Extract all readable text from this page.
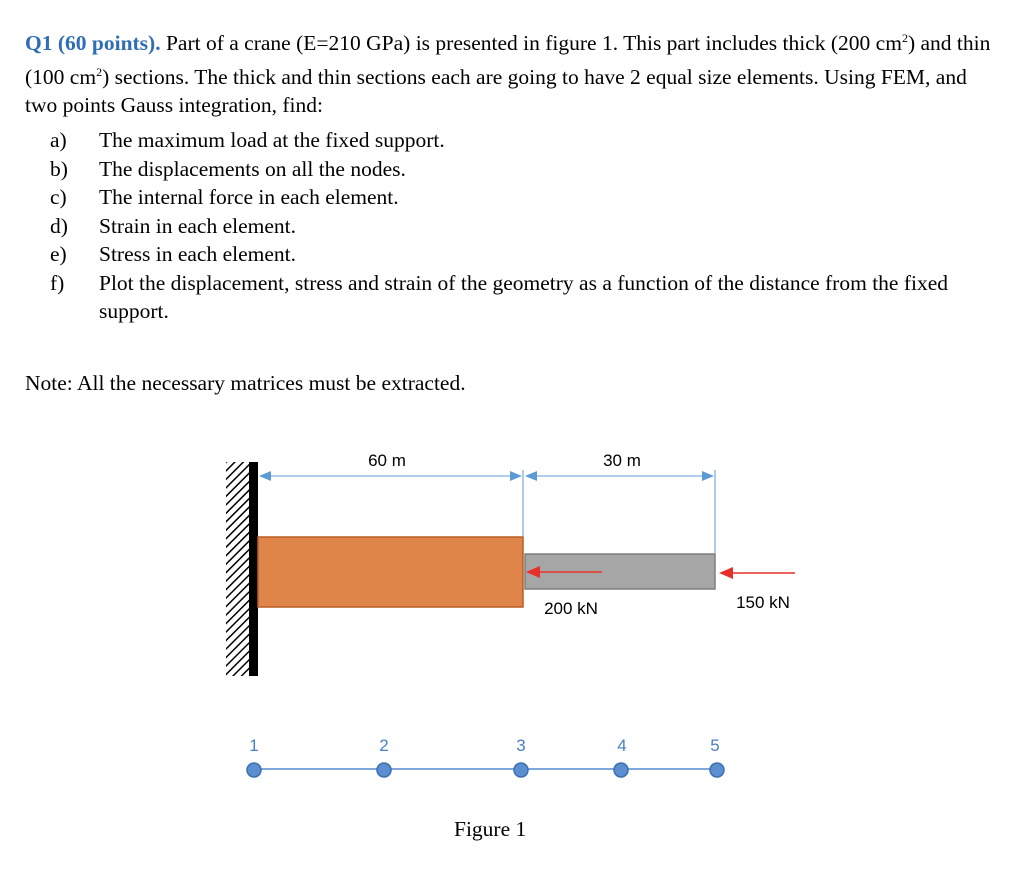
Q1 (60 points). Part of a crane (E=210 GPa) is presented in figure 1. This part includes thick (200 $cm^2$) and thin (100 $cm^2$) sections. The thick and thin sections each are going to have 2 equal size elements. Using FEM, and two points Gauss integration, find:
a) The maximum load at the fixed support.
b) The displacements on all the nodes.
c) The internal force in each element.
d) Strain in each element.
e) Stress in each element.
f) Plot the displacement, stress and strain of the geometry as a function of the distance from the fixed support.
Note: All the necessary matrices must be extracted.
60 m	30 m
200 kN	150 kN
1	2	3	4	5
Figure 1
